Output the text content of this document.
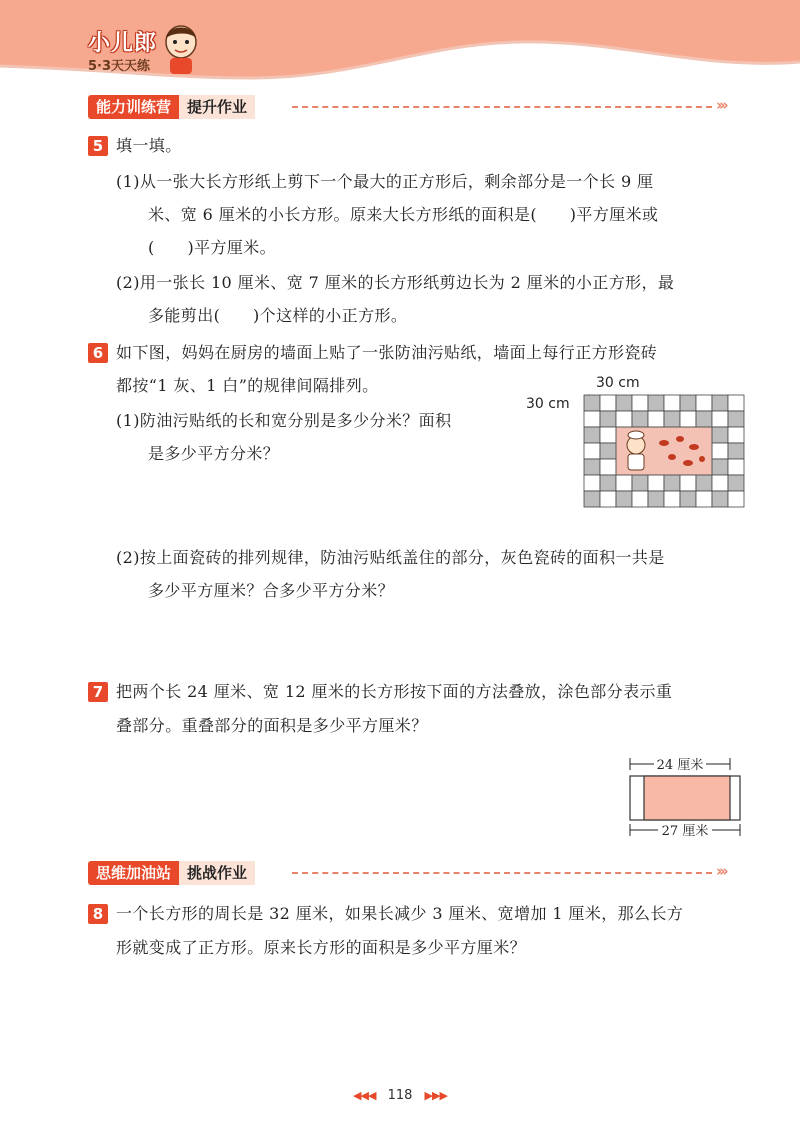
小儿郎
5·3天天练
能力训练营	提升作业	›››
5 填一填。
(1)从一张大长方形纸上剪下一个最大的正方形后，剩余部分是一个长 9 厘
米、宽 6 厘米的小长方形。原来大长方形纸的面积是(　　)平方厘米或
(　　)平方厘米。
(2)用一张长 10 厘米、宽 7 厘米的长方形纸剪边长为 2 厘米的小正方形，最
多能剪出(　　)个这样的小正方形。
6 如下图，妈妈在厨房的墙面上贴了一张防油污贴纸，墙面上每行正方形瓷砖
都按“1 灰、1 白”的规律间隔排列。
(1)防油污贴纸的长和宽分别是多少分米？面积
是多少平方分米？
30 cm
30 cm
(2)按上面瓷砖的排列规律，防油污贴纸盖住的部分，灰色瓷砖的面积一共是
多少平方厘米？合多少平方分米？
7 把两个长 24 厘米、宽 12 厘米的长方形按下面的方法叠放，涂色部分表示重
叠部分。重叠部分的面积是多少平方厘米？
24 厘米
27 厘米
思维加油站	挑战作业	›››
8 一个长方形的周长是 32 厘米，如果长减少 3 厘米、宽增加 1 厘米，那么长方
形就变成了正方形。原来长方形的面积是多少平方厘米？
◀◀◀ 118 ▶▶▶
